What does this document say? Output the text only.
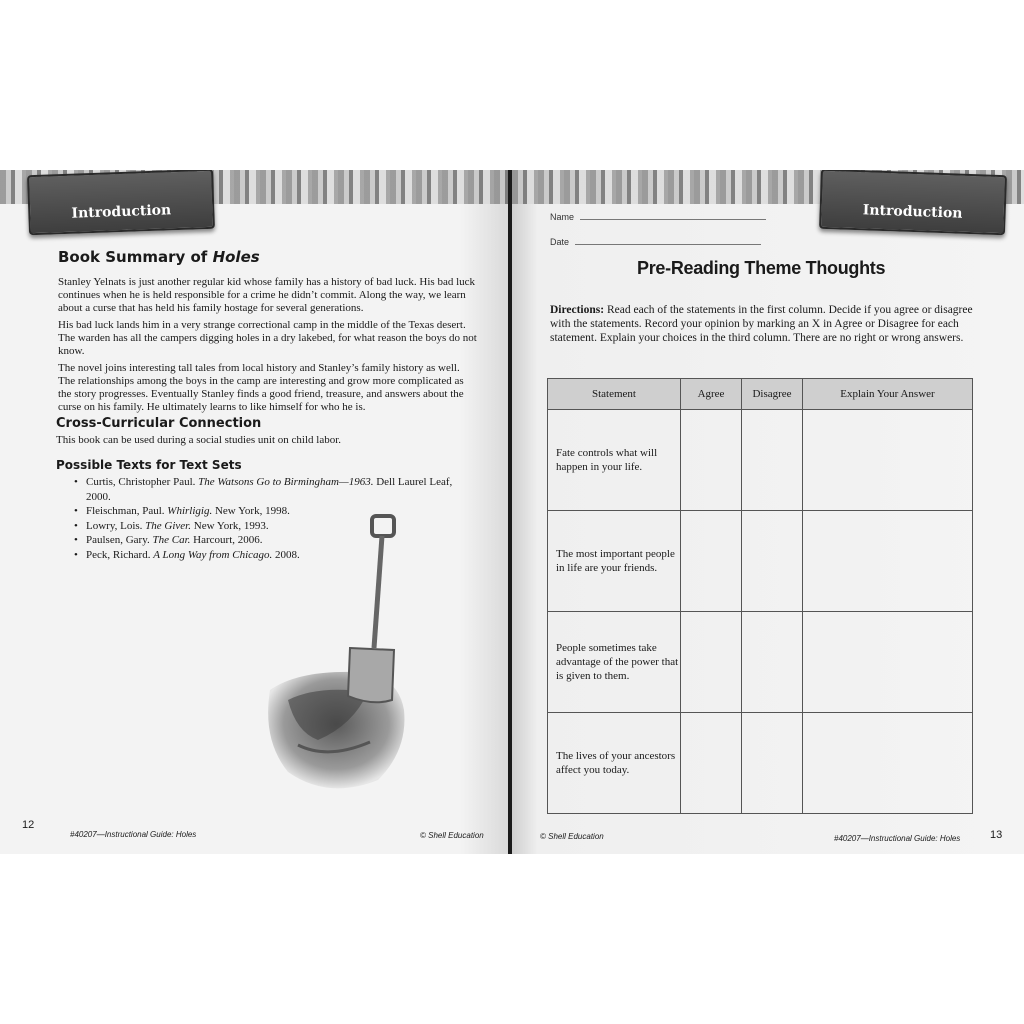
Introduction
Book Summary of Holes

Stanley Yelnats is just another regular kid whose family has a history of bad luck. His bad luck continues when he is held responsible for a crime he didn’t commit. Along the way, we learn about a curse that has held his family hostage for several generations.

His bad luck lands him in a very strange correctional camp in the middle of the Texas desert. The warden has all the campers digging holes in a dry lakebed, for what reason the boys do not know.

The novel joins interesting tall tales from local history and Stanley’s family history as well. The relationships among the boys in the camp are interesting and grow more complicated as the story progresses. Eventually Stanley finds a good friend, treasure, and answers about the curse on his family. He ultimately learns to like himself for who he is.

Cross-Curricular Connection
This book can be used during a social studies unit on child labor.
Possible Texts for Text Sets
• Curtis, Christopher Paul. The Watsons Go to Birmingham—1963. Dell Laurel Leaf, 2000.
• Fleischman, Paul. Whirligig. New York, 1998.
• Lowry, Lois. The Giver. New York, 1993.
• Paulsen, Gary. The Car. Harcourt, 2006.
• Peck, Richard. A Long Way from Chicago. 2008.
12
#40207—Instructional Guide: Holes	© Shell Education
Introduction
Name
Date
Pre-Reading Theme Thoughts
Directions: Read each of the statements in the first column. Decide if you agree or disagree with the statements. Record your opinion by marking an X in Agree or Disagree for each statement. Explain your choices in the third column. There are no right or wrong answers.
Statement	Agree	Disagree	Explain Your Answer
Fate controls what will happen in your life.			
The most important people in life are your friends.			
People sometimes take advantage of the power that is given to them.			
The lives of your ancestors affect you today.			
© Shell Education	#40207—Instructional Guide: Holes	13
